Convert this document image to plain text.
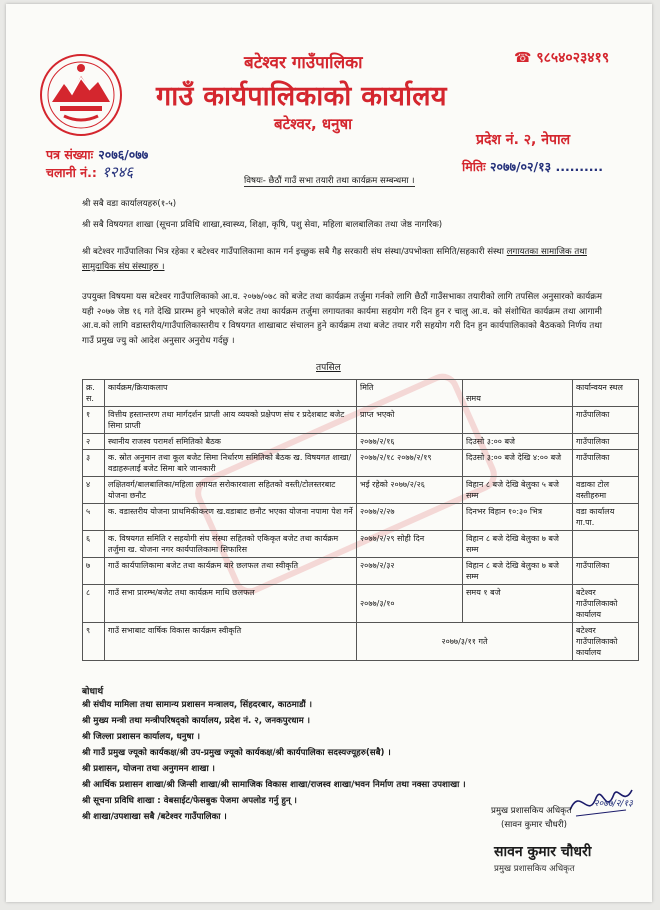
बटेश्वर गाउँपालिका
गाउँ कार्यपालिकाको कार्यालय
बटेश्वर, धनुषा
☎ ९८५४०२३४१९
प्रदेश नं. २, नेपाल
पत्र संख्याः २०७६/०७७
चलानी नं.: १२४६	मितिः २०७७/०२/१३ ..........
विषयः- छैठौं गाउँ सभा तयारी तथा कार्यक्रम सम्बन्धमा ।
श्री सबै वडा कार्यालयहरु(१-५)
श्री सबै विषयगत शाखा (सूचना प्रविधि शाखा,स्वास्थ्य, शिक्षा, कृषि, पशु सेवा, महिला बालबालिका तथा जेष्ठ नागरिक)
श्री बटेश्वर गाउँपालिका भित्र रहेका र बटेश्वर गाउँपालिकामा काम गर्न इच्छुक सबै गैह्र सरकारी संघ संस्था/उपभोक्ता समिति/सहकारी संस्था लगायतका सामाजिक तथा सामुदायिक संघ संस्थाहरु ।
उपयुक्त विषयमा यस बटेश्वर गाउँपालिकाको आ.व. २०७७/०७८ को बजेट तथा कार्यक्रम तर्जुमा गर्नको लागि छैठौं गाउँसभाका तयारीको लागि तपसिल अनुसारको कार्यक्रम यही २०७७ जेष्ठ १६ गते देखि प्रारम्भ हुने भएकोले बजेट तथा कार्यक्रम तर्जुमा लगायतका कार्यमा सहयोग गरी दिन हुन र चालु आ.व. को संशोधित कार्यक्रम तथा आगामी आ.व.को लागि वडास्तरीय/गाउँपालिकास्तरीय र विषयगत शाखाबाट संचालन हुने कार्यक्रम तथा बजेट तयार गरी सहयोग गरी दिन हुन कार्यपालिकाको बैठकको निर्णय तथा गाउँ प्रमुख ज्यु को आदेश अनुसार अनुरोध गर्दछु ।
तपसिल
क्र. स.	कार्यक्रम/क्रियाकलाप	मिति	समय	कार्यान्वयन स्थल
१	वित्तीय हस्तान्तरण तथा मार्गदर्शन प्राप्ती आय व्ययको प्रक्षेपण संघ र प्रदेशबाट बजेट सिमा प्राप्ती	प्राप्त भएको		गाउँपालिका
२	स्थानीय राजस्व परामर्श समितिको बैठक	२०७७/२/१६	दिउसो ३:०० बजे	गाउँपालिका
३	क. स्रोत अनुमान तथा कूल बजेट सिमा निर्धारण समितिको बैठक ख. विषयगत शाखा/वडाहरूलाई बजेट सिमा बारे जानकारी	२०७७/२/१८ २०७७/२/१९	दिउसो ३:०० बजे देखि ४:०० बजे	गाउँपालिका
४	लक्षितवर्ग/बालबालिका/महिला लगायत सरोकारवाला सहितको वस्ती/टोलस्तरबाट योजना छनौट	भई रहेको २०७७/२/२६	विहान ८ बजे देखि बेलुका ५ बजे सम्म	वडाका टोल वस्तीहरुमा
५	क. वडास्तरीय योजना प्राथमिकीकरण ख.वडाबाट छनौट भएका योजना नपामा पेश गर्ने	२०७७/२/२७	दिनभर विहान १०:३० भित्र	वडा कार्यालय गा.पा.
६	क. विषयगत समिति र सहयोगी संघ संस्था सहितको एकिकृत बजेट तथा कार्यक्रम तर्जुमा ख. योजना नगर कार्यपालिकामा सिफारिस	२०७७/२/२९ सोही दिन	विहान ८ बजे देखि बेलुका ७ बजे सम्म	
७	गाउँ कार्यपालिकामा बजेट तथा कार्यक्रम बारे छलफल तथा स्वीकृति	२०७७/२/३२	विहान ८ बजे देखि बेलुका ७ बजे सम्म	गाउँपालिका
८	गाउँ सभा प्रारम्भ/बजेट तथा कार्यक्रम माथि छलफल	२०७७/३/१०	समय १ बजे	बटेश्वर गाउँपालिकाको कार्यालय
९	गाउँ सभाबाट वार्षिक विकास कार्यक्रम स्वीकृति	२०७७/३/११ गते		बटेश्वर गाउँपालिकाको कार्यालय
बोधार्थ
श्री संघीय मामिला तथा सामान्य प्रशासन मन्त्रालय, सिंहदरबार, काठमाडौं ।
श्री मुख्य मन्त्री तथा मन्त्रीपरिषद्को कार्यालय, प्रदेश नं. २, जनकपुरधाम ।
श्री जिल्ला प्रशासन कार्यालय, धनुषा ।
श्री गाउँ प्रमुख ज्यूको कार्यकक्ष/श्री उप-प्रमुख ज्यूको कार्यकक्ष/श्री कार्यपालिका सदस्यज्यूहरु(सबै) ।
श्री प्रशासन, योजना तथा अनुगमन शाखा ।
श्री आर्थिक प्रशासन शाखा/श्री जिन्सी शाखा/श्री सामाजिक विकास शाखा/राजस्व शाखा/भवन निर्माण तथा नक्सा उपशाखा ।
श्री सूचना प्रविधि शाखा : वेबसाईट/फेसबुक पेजमा अपलोड गर्नु हुन् ।
श्री शाखा/उपशाखा सबै /बटेश्वर गाउँपालिका ।
२०७७/२/१३
प्रमुख प्रशासकिय अधिकृत
(सावन कुमार चौधरी)
सावन कुमार चौधरी
प्रमुख प्रशासकिय अधिकृत
